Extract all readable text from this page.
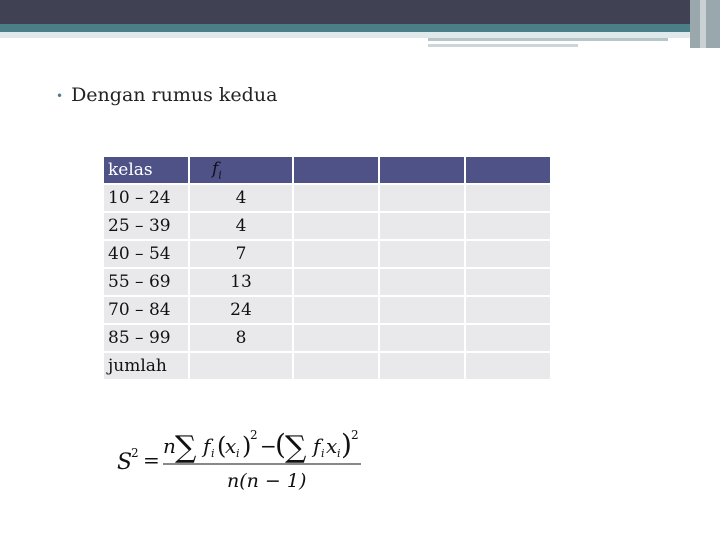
• Dengan rumus kedua
kelas	$f_i$			
10 – 24	4			
25 – 39	4			
40 – 54	7			
55 – 69	13			
70 – 84	24			
85 – 99	8			
jumlah				
S
2 =
n ∑ f i (
x i )
2 −
( ∑ f i x i ) 2
n(n − 1)
